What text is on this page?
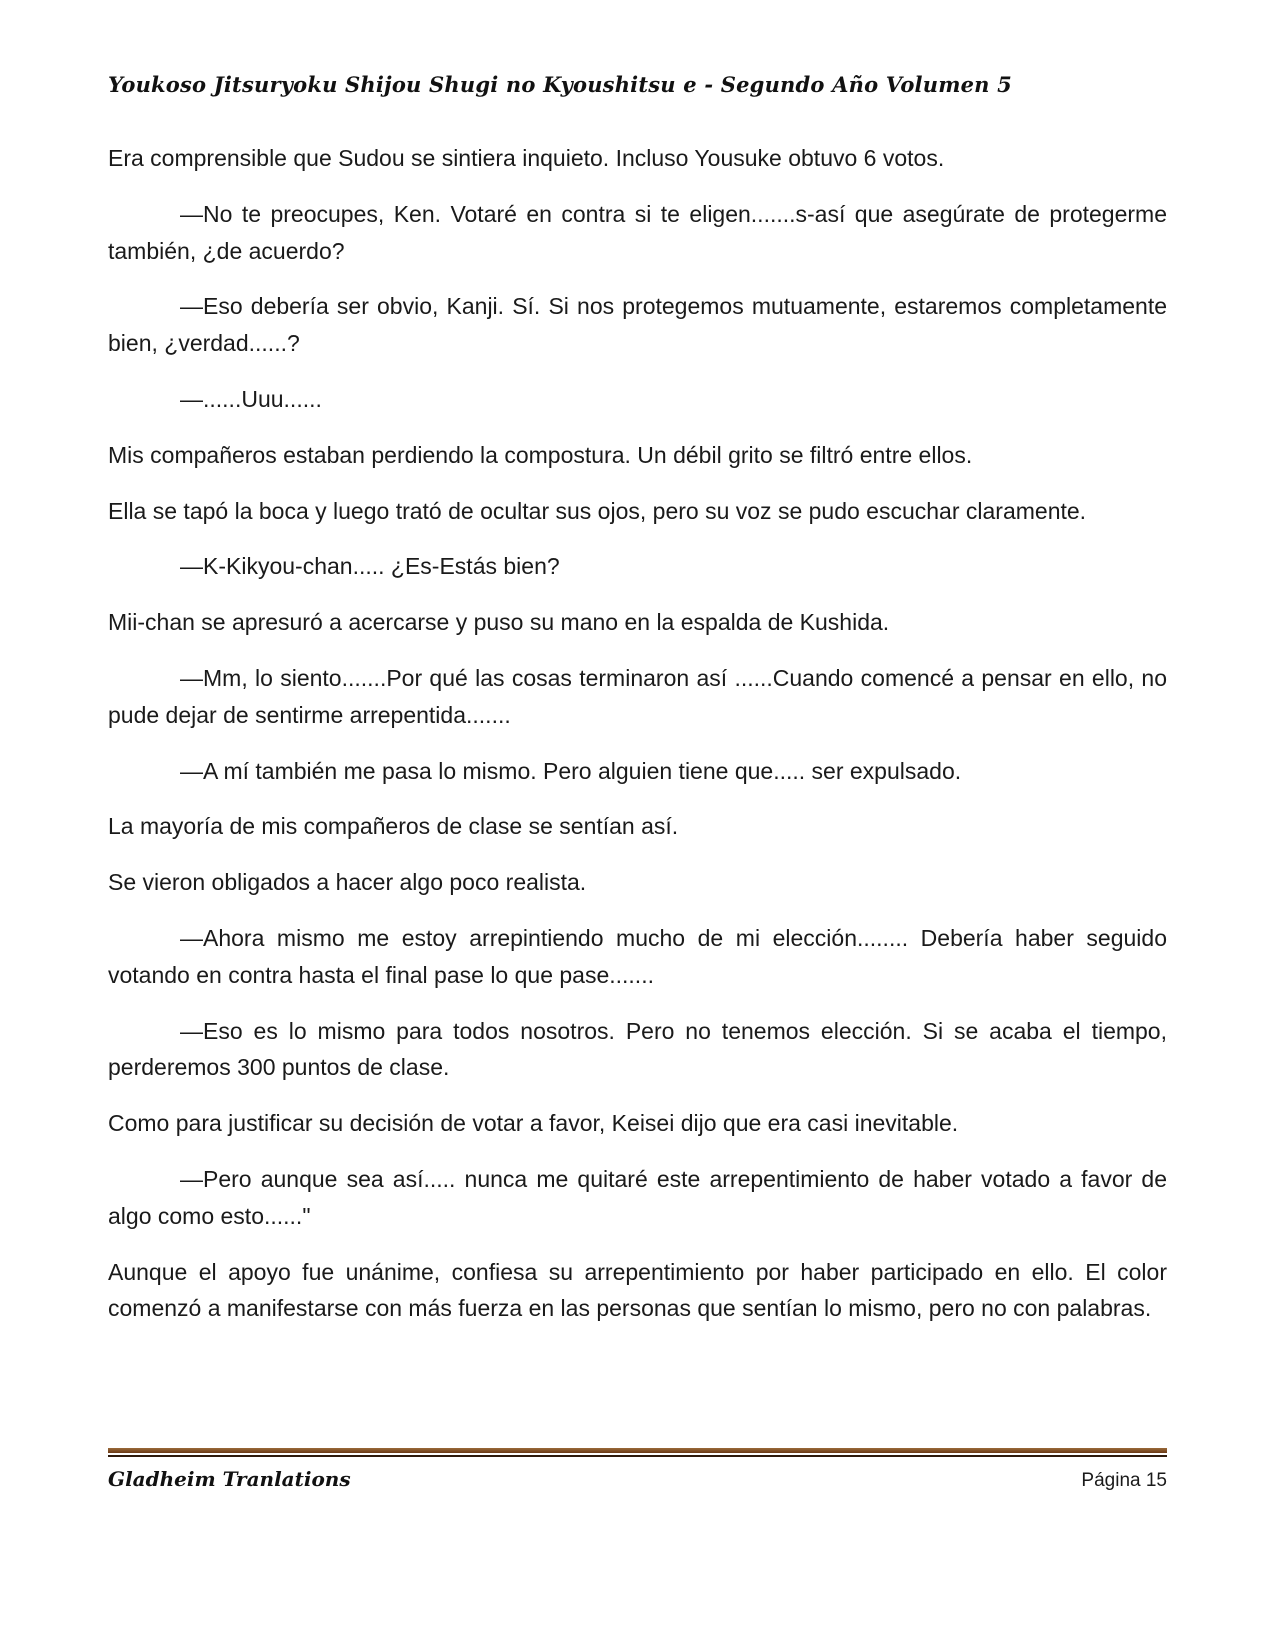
Youkoso Jitsuryoku Shijou Shugi no Kyoushitsu e - Segundo Año Volumen 5

Era comprensible que Sudou se sintiera inquieto. Incluso Yousuke obtuvo 6 votos.

—No te preocupes, Ken. Votaré en contra si te eligen.......s-así que asegúrate de protegerme también, ¿de acuerdo?

—Eso debería ser obvio, Kanji. Sí. Si nos protegemos mutuamente, estaremos completamente bien, ¿verdad......?

—......Uuu......

Mis compañeros estaban perdiendo la compostura. Un débil grito se filtró entre ellos.

Ella se tapó la boca y luego trató de ocultar sus ojos, pero su voz se pudo escuchar claramente.

—K-Kikyou-chan..... ¿Es-Estás bien?

Mii-chan se apresuró a acercarse y puso su mano en la espalda de Kushida.

—Mm, lo siento.......Por qué las cosas terminaron así ......Cuando comencé a pensar en ello, no pude dejar de sentirme arrepentida.......

—A mí también me pasa lo mismo. Pero alguien tiene que..... ser expulsado.

La mayoría de mis compañeros de clase se sentían así.

Se vieron obligados a hacer algo poco realista.

—Ahora mismo me estoy arrepintiendo mucho de mi elección........ Debería haber seguido votando en contra hasta el final pase lo que pase.......

—Eso es lo mismo para todos nosotros. Pero no tenemos elección. Si se acaba el tiempo, perderemos 300 puntos de clase.

Como para justificar su decisión de votar a favor, Keisei dijo que era casi inevitable.

—Pero aunque sea así..... nunca me quitaré este arrepentimiento de haber votado a favor de algo como esto......"

Aunque el apoyo fue unánime, confiesa su arrepentimiento por haber participado en ello. El color comenzó a manifestarse con más fuerza en las personas que sentían lo mismo, pero no con palabras.

Gladheim Tranlations	Página 15
